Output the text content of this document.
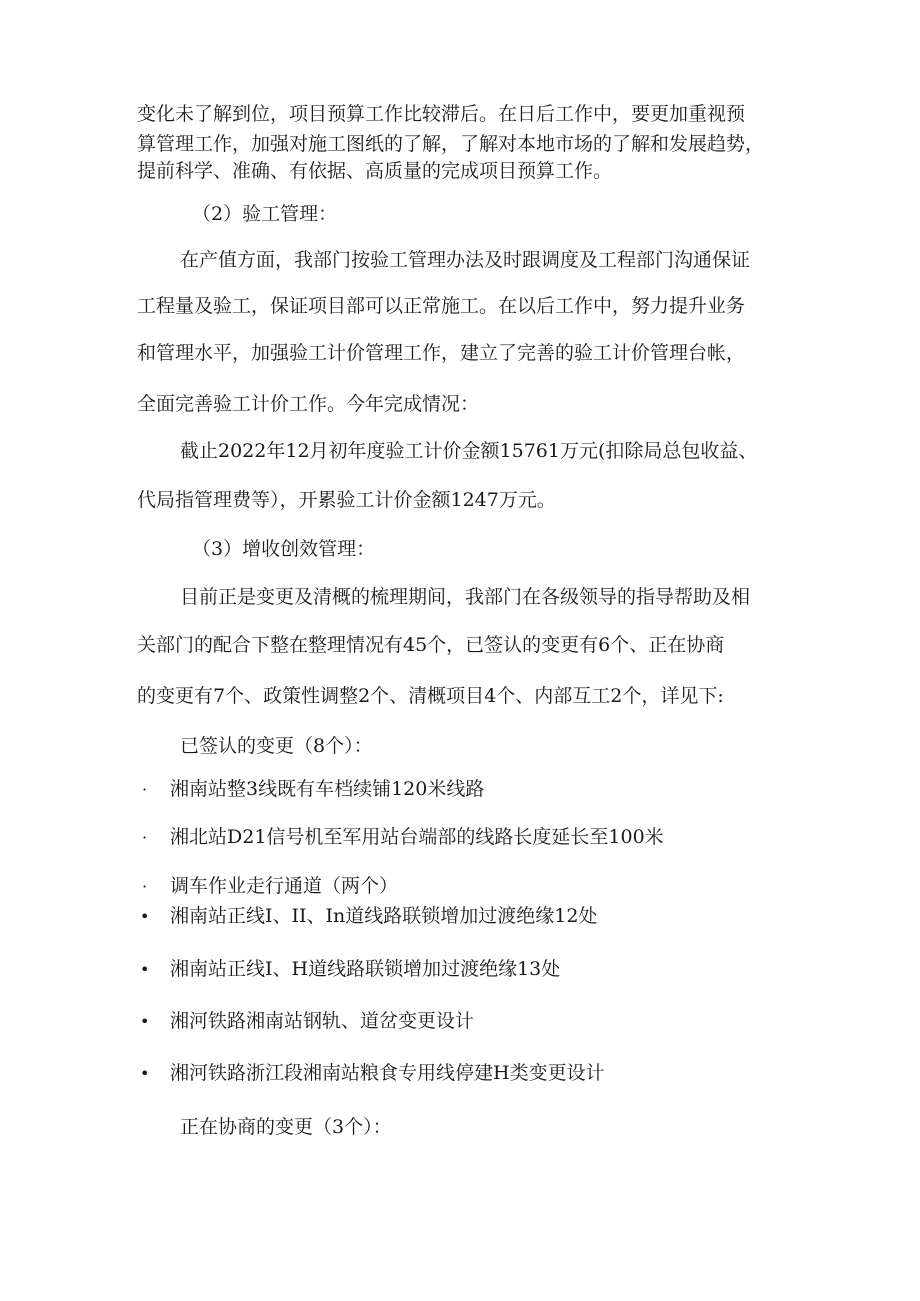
变化未了解到位，项目预算工作比较滞后。在日后工作中，要更加重视预
算管理工作，加强对施工图纸的了解，了解对本地市场的了解和发展趋势，
提前科学、准确、有依据、高质量的完成项目预算工作。
（2）验工管理：
在产值方面，我部门按验工管理办法及时跟调度及工程部门沟通保证
工程量及验工，保证项目部可以正常施工。在以后工作中，努力提升业务
和管理水平，加强验工计价管理工作，建立了完善的验工计价管理台帐，
全面完善验工计价工作。今年完成情况：
截止2022年12月初年度验工计价金额15761万元(扣除局总包收益、
代局指管理费等），开累验工计价金额1247万元。
（3）增收创效管理：
目前正是变更及清概的梳理期间，我部门在各级领导的指导帮助及相
关部门的配合下整在整理情况有45个，已签认的变更有6个、正在协商
的变更有7个、政策性调整2个、清概项目4个、内部互工2个，详见下:
已签认的变更（8个）：
· 湘南站整3线既有车档续铺120米线路
· 湘北站D21信号机至军用站台端部的线路长度延长至100米
· 调车作业走行通道（两个）
• 湘南站正线I、II、In道线路联锁增加过渡绝缘12处
• 湘南站正线I、H道线路联锁增加过渡绝缘13处
• 湘河铁路湘南站钢轨、道岔变更设计
• 湘河铁路浙江段湘南站粮食专用线停建H类变更设计
正在协商的变更（3个）：
